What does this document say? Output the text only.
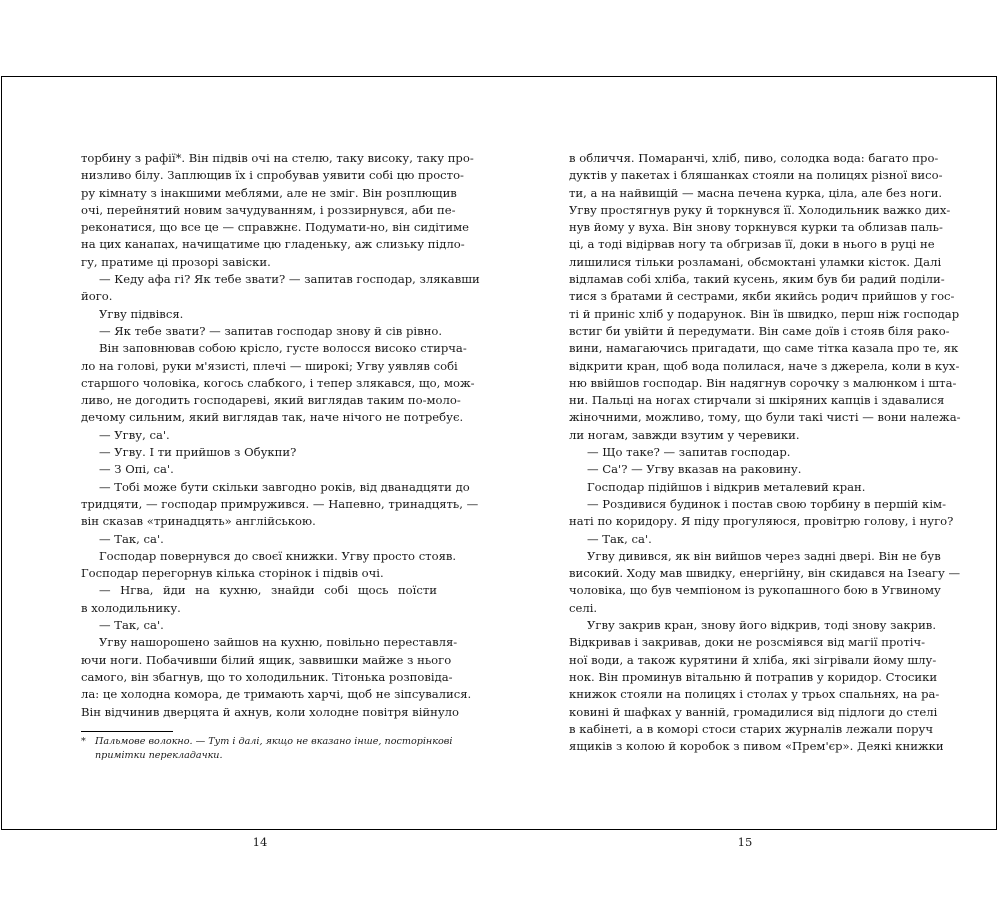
торбину з рафії*. Він підвів очі на стелю, таку високу, таку про-
низливо білу. Заплющив їх і спробував уявити собі цю просто-
ру кімнату з інакшими меблями, але не зміг. Він розплющив
очі, перейнятий новим зачудуванням, і роззирнувся, аби пе-
реконатися, що все це — справжнє. Подумати-но, він сидітиме
на цих канапах, начищатиме цю гладеньку, аж слизьку підло-
гу, пратиме ці прозорі завіски.
— Кеду афа гі? Як тебе звати? — запитав господар, злякавши
його.
Угву підвівся.
— Як тебе звати? — запитав господар знову й сів рівно.
Він заповнював собою крісло, густе волосся високо стирча-
ло на голові, руки м'язисті, плечі — широкі; Угву уявляв собі
старшого чоловіка, когось слабкого, і тепер злякався, що, мож-
ливо, не догодить господареві, який виглядав таким по-моло-
дечому сильним, який виглядав так, наче нічого не потребує.
— Угву, са'.
— Угву. І ти прийшов з Обукпи?
— З Опі, са'.
— Тобі може бути скільки завгодно років, від дванадцяти до
тридцяти, — господар примружився. — Напевно, тринадцять, —
він сказав «тринадцять» англійською.
— Так, са'.
Господар повернувся до своєї книжки. Угву просто стояв.
Господар перегорнув кілька сторінок і підвів очі.
— Нгва, йди на кухню, знайди собі щось поїсти
в холодильнику.
— Так, са'.
Угву нашорошено зайшов на кухню, повільно переставля-
ючи ноги. Побачивши білий ящик, заввишки майже з нього
самого, він збагнув, що то холодильник. Тітонька розповіда-
ла: це холодна комора, де тримають харчі, щоб не зіпсувалися.
Він відчинив дверцята й ахнув, коли холодне повітря війнуло
* Пальмове волокно. — Тут і далі, якщо не вказано інше, посторінкові
примітки перекладачки.
14
в обличчя. Помаранчі, хліб, пиво, солодка вода: багато про-
дуктів у пакетах і бляшанках стояли на полицях різної висо-
ти, а на найвищій — масна печена курка, ціла, але без ноги.
Угву простягнув руку й торкнувся її. Холодильник важко дих-
нув йому у вуха. Він знову торкнувся курки та облизав паль-
ці, а тоді відірвав ногу та обгризав її, доки в нього в руці не
лишилися тільки розламані, обсмоктані уламки кісток. Далі
відламав собі хліба, такий кусень, яким був би радий поділи-
тися з братами й сестрами, якби якийсь родич прийшов у гос-
ті й приніс хліб у подарунок. Він їв швидко, перш ніж господар
встиг би увійти й передумати. Він саме доїв і стояв біля рако-
вини, намагаючись пригадати, що саме тітка казала про те, як
відкрити кран, щоб вода полилася, наче з джерела, коли в кух-
ню ввійшов господар. Він надягнув сорочку з малюнком і шта-
ни. Пальці на ногах стирчали зі шкіряних капців і здавалися
жіночними, можливо, тому, що були такі чисті — вони належа-
ли ногам, завжди взутим у черевики.
— Що таке? — запитав господар.
— Са'? — Угву вказав на раковину.
Господар підійшов і відкрив металевий кран.
— Роздивися будинок і постав свою торбину в першій кім-
наті по коридору. Я піду прогуляюся, провітрю голову, і нуго?
— Так, са'.
Угву дивився, як він вийшов через задні двері. Він не був
високий. Ходу мав швидку, енергійну, він скидався на Ізеагу —
чоловіка, що був чемпіоном із рукопашного бою в Угвиному
селі.
Угву закрив кран, знову його відкрив, тоді знову закрив.
Відкривав і закривав, доки не розсміявся від магії протіч-
ної води, а також курятини й хліба, які зігрівали йому шлу-
нок. Він проминув вітальню й потрапив у коридор. Стосики
книжок стояли на полицях і столах у трьох спальнях, на ра-
ковині й шафках у ванній, громадилися від підлоги до стелі
в кабінеті, а в коморі стоси старих журналів лежали поруч
ящиків з колою й коробок з пивом «Прем'єр». Деякі книжки
15
